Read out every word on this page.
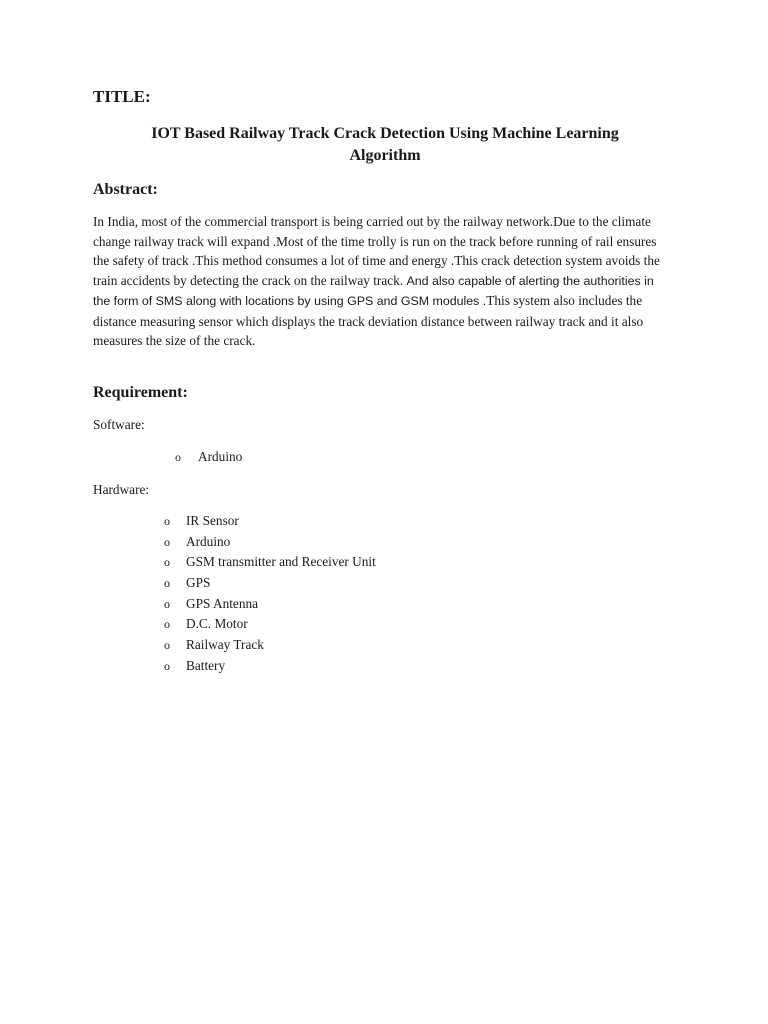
TITLE:
IOT Based Railway Track Crack Detection Using Machine Learning
Algorithm
Abstract:
In India, most of the commercial transport is being carried out by the railway network.Due to the climate change railway track will expand .Most of the time trolly is run on the track before running of rail ensures the safety of track .This method consumes a lot of time and energy .This crack detection system avoids the train accidents by detecting the crack on the railway track. And also capable of alerting the authorities in the form of SMS along with locations by using GPS and GSM modules .This system also includes the distance measuring sensor which displays the track deviation distance between railway track and it also measures the size of the crack.
Requirement:
Software:
o Arduino
Hardware:
o IR Sensor
o Arduino
o GSM transmitter and Receiver Unit
o GPS
o GPS Antenna
o D.C. Motor
o Railway Track
o Battery
